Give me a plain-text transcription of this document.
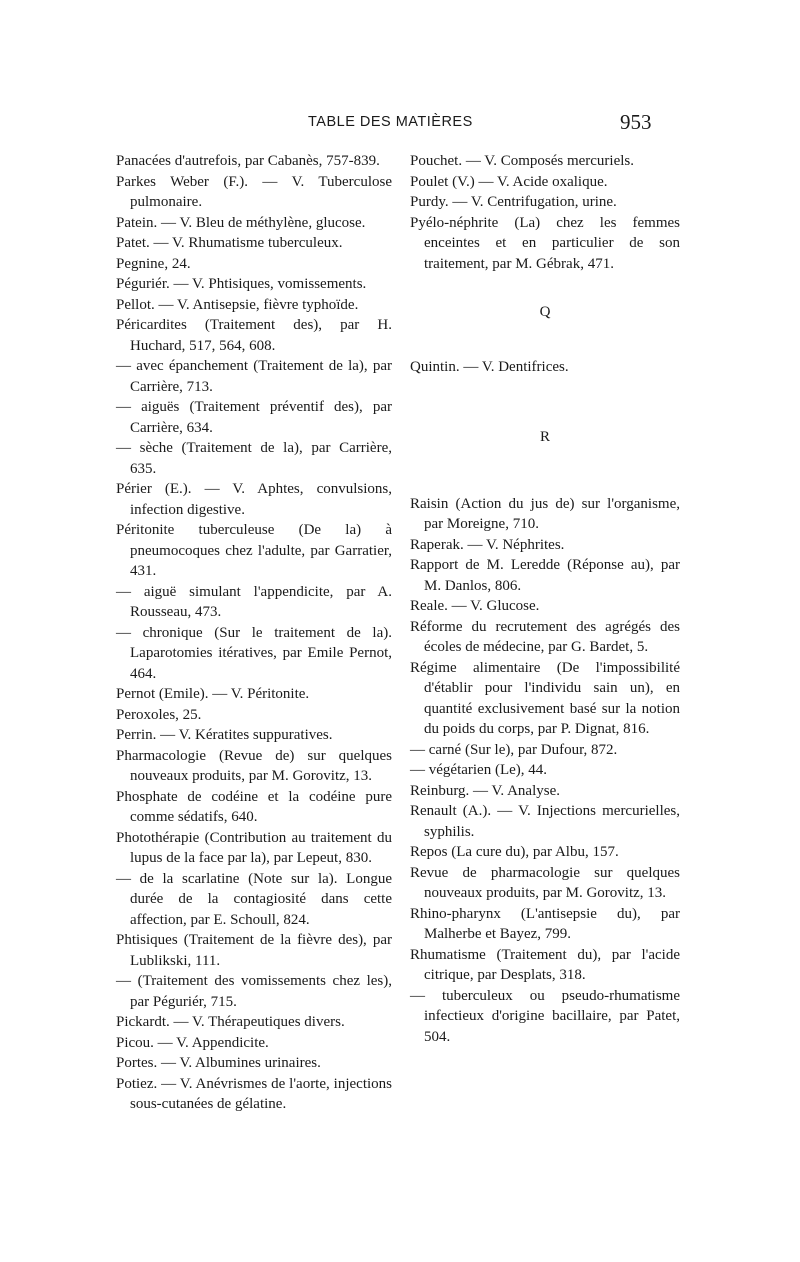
TABLE DES MATIÈRES	953

Panacées d'autrefois, par Cabanès, 757-839.

Parkes Weber (F.). — V. Tuberculose pulmonaire.

Patein. — V. Bleu de méthylène, glucose.

Patet. — V. Rhumatisme tuberculeux.

Pegnine, 24.

Péguriér. — V. Phtisiques, vomissements.

Pellot. — V. Antisepsie, fièvre typhoïde.

Péricardites (Traitement des), par H. Huchard, 517, 564, 608.

— avec épanchement (Traitement de la), par Carrière, 713.

— aiguës (Traitement préventif des), par Carrière, 634.

— sèche (Traitement de la), par Carrière, 635.

Périer (E.). — V. Aphtes, convulsions, infection digestive.

Péritonite tuberculeuse (De la) à pneumocoques chez l'adulte, par Garratier, 431.

— aiguë simulant l'appendicite, par A. Rousseau, 473.

— chronique (Sur le traitement de la). Laparotomies itératives, par Emile Pernot, 464.

Pernot (Emile). — V. Péritonite.

Peroxoles, 25.

Perrin. — V. Kératites suppuratives.

Pharmacologie (Revue de) sur quelques nouveaux produits, par M. Gorovitz, 13.

Phosphate de codéine et la codéine pure comme sédatifs, 640.

Photothérapie (Contribution au traitement du lupus de la face par la), par Lepeut, 830.

— de la scarlatine (Note sur la). Longue durée de la contagiosité dans cette affection, par E. Schoull, 824.

Phtisiques (Traitement de la fièvre des), par Lublikski, 111.

— (Traitement des vomissements chez les), par Péguriér, 715.

Pickardt. — V. Thérapeutiques divers.

Picou. — V. Appendicite.

Portes. — V. Albumines urinaires.

Potiez. — V. Anévrismes de l'aorte, injections sous-cutanées de gélatine.

Pouchet. — V. Composés mercuriels.

Poulet (V.) — V. Acide oxalique.

Purdy. — V. Centrifugation, urine.

Pyélo-néphrite (La) chez les femmes enceintes et en particulier de son traitement, par M. Gébrak, 471.

Q

Quintin. — V. Dentifrices.

R

Raisin (Action du jus de) sur l'organisme, par Moreigne, 710.

Raperak. — V. Néphrites.

Rapport de M. Leredde (Réponse au), par M. Danlos, 806.

Reale. — V. Glucose.

Réforme du recrutement des agrégés des écoles de médecine, par G. Bardet, 5.

Régime alimentaire (De l'impossibilité d'établir pour l'individu sain un), en quantité exclusivement basé sur la notion du poids du corps, par P. Dignat, 816.

— carné (Sur le), par Dufour, 872.

— végétarien (Le), 44.

Reinburg. — V. Analyse.

Renault (A.). — V. Injections mercurielles, syphilis.

Repos (La cure du), par Albu, 157.

Revue de pharmacologie sur quelques nouveaux produits, par M. Gorovitz, 13.

Rhino-pharynx (L'antisepsie du), par Malherbe et Bayez, 799.

Rhumatisme (Traitement du), par l'acide citrique, par Desplats, 318.

— tuberculeux ou pseudo-rhumatisme infectieux d'origine bacillaire, par Patet, 504.
